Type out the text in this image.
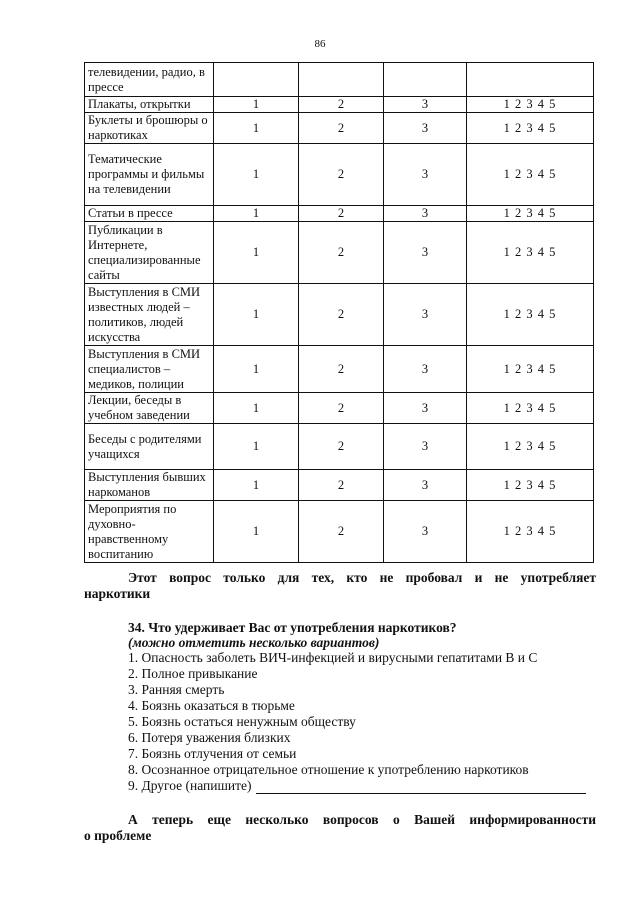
86
телевидении, радио, в прессе				
Плакаты, открытки	1	2	3	1 2 3 4 5
Буклеты и брошюры о наркотиках	1	2	3	1 2 3 4 5
Тематические программы и фильмы на телевидении	1	2	3	1 2 3 4 5
Статьи в прессе	1	2	3	1 2 3 4 5
Публикации в Интернете, специализированные сайты	1	2	3	1 2 3 4 5
Выступления в СМИ известных людей – политиков, людей искусства	1	2	3	1 2 3 4 5
Выступления в СМИ специалистов – медиков, полиции	1	2	3	1 2 3 4 5
Лекции, беседы в учебном заведении	1	2	3	1 2 3 4 5
Беседы с родителями учащихся	1	2	3	1 2 3 4 5
Выступления бывших наркоманов	1	2	3	1 2 3 4 5
Мероприятия по духовно-нравственному воспитанию	1	2	3	1 2 3 4 5
Этот вопрос только для тех, кто не пробовал и не употребляет
наркотики
34. Что удерживает Вас от употребления наркотиков?
(можно отметить несколько вариантов)
1. Опасность заболеть ВИЧ-инфекцией и вирусными гепатитами В и С
2. Полное привыкание
3. Ранняя смерть
4. Боязнь оказаться в тюрьме
5. Боязнь остаться ненужным обществу
6. Потеря уважения близких
7. Боязнь отлучения от семьи
8. Осознанное отрицательное отношение к употреблению наркотиков
9. Другое (напишите)
А теперь еще несколько вопросов о Вашей информированности
о проблеме
